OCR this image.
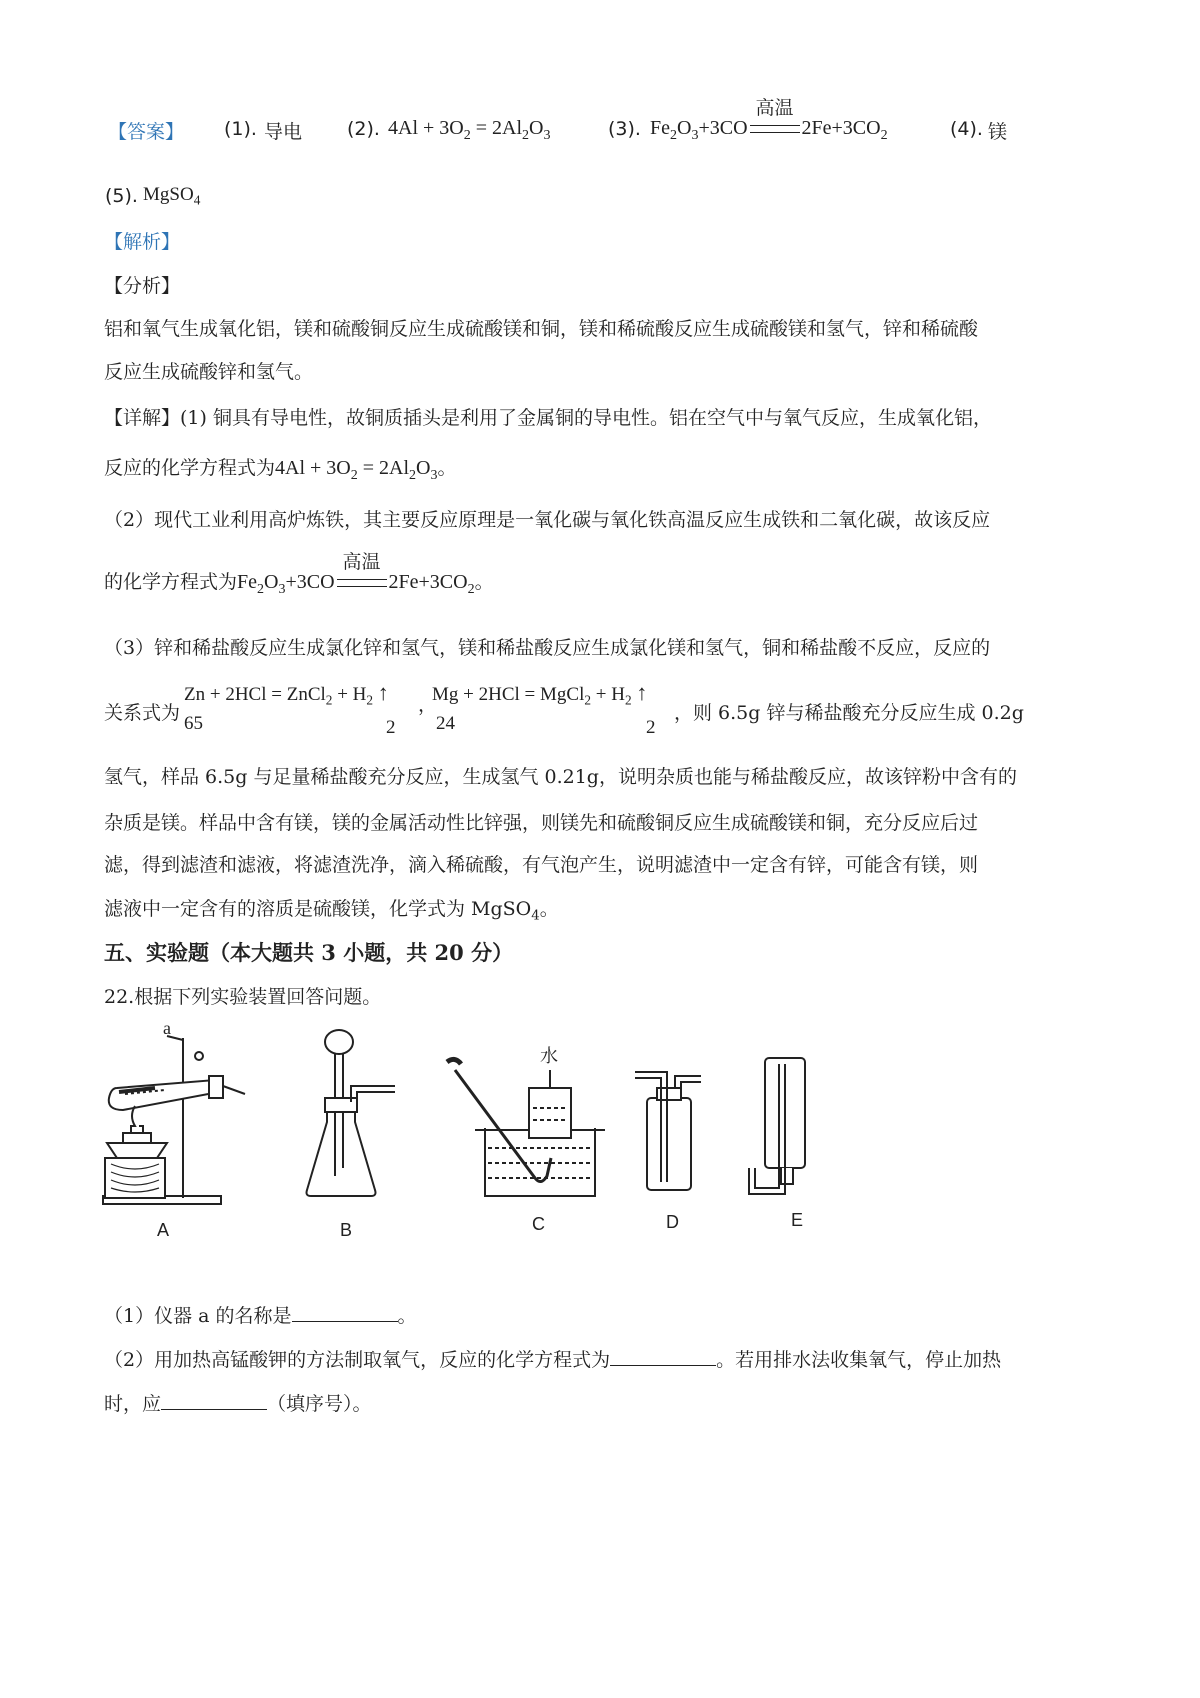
【答案】 (1). 导电 (2). $4Al + 3O_2 = 2Al_2O_3$	(3). $Fe_2O_3+3CO$
高温
$2Fe+3CO_2$	(4). 镁
(5). MgSO$_4$
【解析】
【分析】
铝和氧气生成氧化铝，镁和硫酸铜反应生成硫酸镁和铜，镁和稀硫酸反应生成硫酸镁和氢气，锌和稀硫酸
反应生成硫酸锌和氢气。
【详解】(1) 铜具有导电性，故铜质插头是利用了金属铜的导电性。铝在空气中与氧气反应，生成氧化铝，
反应的化学方程式为$4Al + 3O_2 = 2Al_2O_3$。
（2）现代工业利用高炉炼铁，其主要反应原理是一氧化碳与氧化铁高温反应生成铁和二氧化碳，故该反应
的化学方程式为$Fe_2O_3+3CO$
高温
$2Fe+3CO_2$。
（3）锌和稀盐酸反应生成氯化锌和氢气，镁和稀盐酸反应生成氯化镁和氢气，铜和稀盐酸不反应，反应的
关系式为
Zn + 2HCl = ZnCl$_2$ + $H_2$ ↑
65	2
，
Mg + 2HCl = MgCl$_2$ + $H_2$ ↑
24	2
，则 6.5g 锌与稀盐酸充分反应生成 0.2g
氢气，样品 6.5g 与足量稀盐酸充分反应，生成氢气 0.21g，说明杂质也能与稀盐酸反应，故该锌粉中含有的
杂质是镁。样品中含有镁，镁的金属活动性比锌强，则镁先和硫酸铜反应生成硫酸镁和铜，充分反应后过
滤，得到滤渣和滤液，将滤渣洗净，滴入稀硫酸，有气泡产生，说明滤渣中一定含有锌，可能含有镁，则
滤液中一定含有的溶质是硫酸镁，化学式为 MgSO$_4$。
五、实验题（本大题共 3 小题，共 20 分）
22.根据下列实验装置回答问题。
a
水
A	B	C	D	E
（1）仪器 a 的名称是	。
（2）用加热高锰酸钾的方法制取氧气，反应的化学方程式为	。若用排水法收集氧气，停止加热
时，应	（填序号）。
